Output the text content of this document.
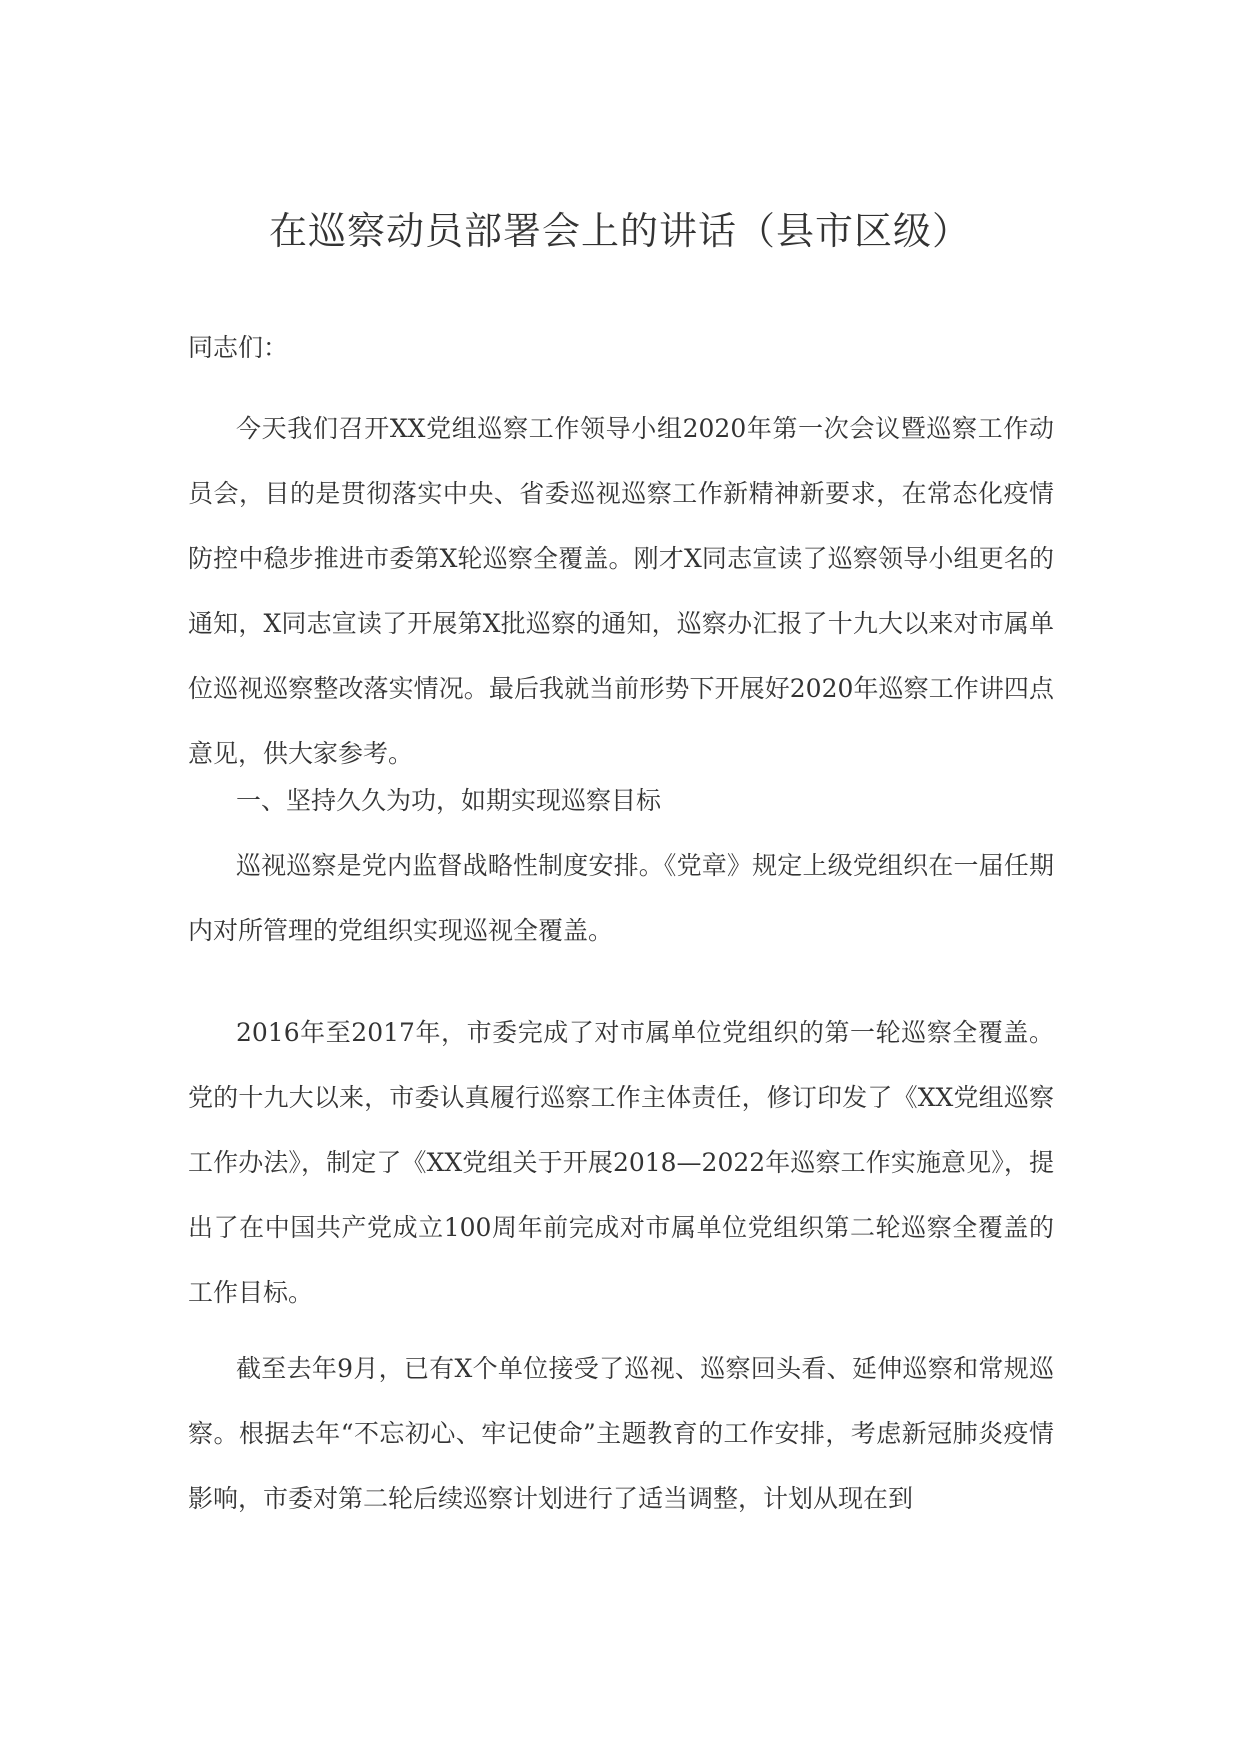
在巡察动员部署会上的讲话（县市区级）

同志们：

今天我们召开XX党组巡察工作领导小组2020年第一次会议暨巡察工作动员会，目的是贯彻落实中央、省委巡视巡察工作新精神新要求，在常态化疫情防控中稳步推进市委第X轮巡察全覆盖。刚才X同志宣读了巡察领导小组更名的通知，X同志宣读了开展第X批巡察的通知，巡察办汇报了十九大以来对市属单位巡视巡察整改落实情况。最后我就当前形势下开展好2020年巡察工作讲四点意见，供大家参考。

一、坚持久久为功，如期实现巡察目标

巡视巡察是党内监督战略性制度安排。《党章》规定上级党组织在一届任期内对所管理的党组织实现巡视全覆盖。

2016年至2017年，市委完成了对市属单位党组织的第一轮巡察全覆盖。党的十九大以来，市委认真履行巡察工作主体责任，修订印发了《XX党组巡察工作办法》，制定了《XX党组关于开展2018—2022年巡察工作实施意见》，提出了在中国共产党成立100周年前完成对市属单位党组织第二轮巡察全覆盖的工作目标。

截至去年9月，已有X个单位接受了巡视、巡察回头看、延伸巡察和常规巡察。根据去年“不忘初心、牢记使命”主题教育的工作安排，考虑新冠肺炎疫情影响，市委对第二轮后续巡察计划进行了适当调整，计划从现在到
